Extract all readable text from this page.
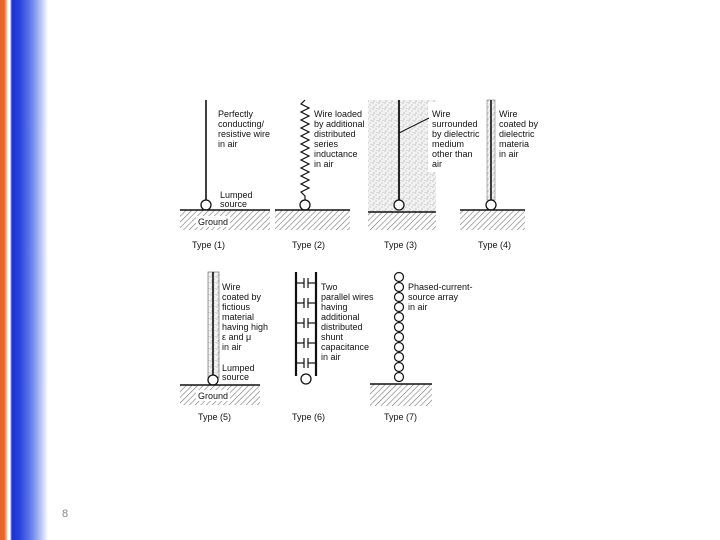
Ground
Perfectly conducting/ resistive wire in air
Lumped source
Type (1)
Wire loaded by additional distributed series inductance in air
Type (2)
Wire surrounded by dielectric medium other than air
Type (3)
Wire coated by dielectric materia in air
Type (4)
Ground
Wire coated by fictious material having high ε and μ in air
Lumped source
Type (5)
Two parallel wires having additional distributed shunt capacitance in air
Type (6)
Phased-current- source array in air
Type (7)
8
